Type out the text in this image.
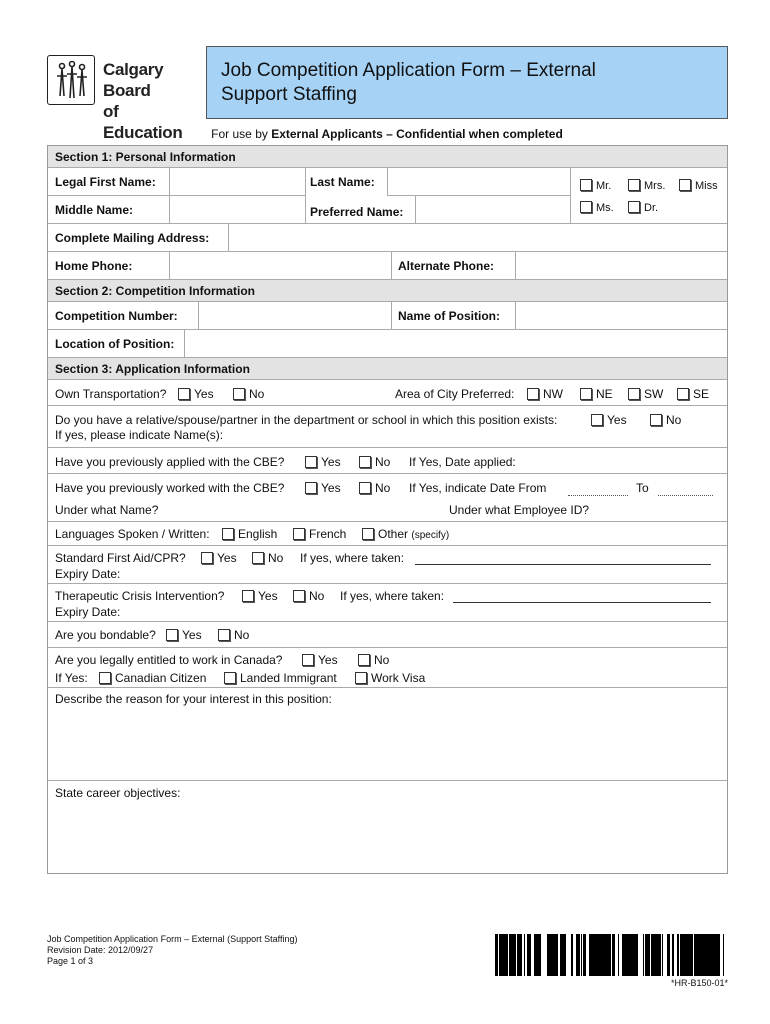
Calgary Board
of Education
Job Competition Application Form – External
Support Staffing
For use by External Applicants – Confidential when completed
Section 1: Personal Information
Legal First Name:	Last Name:
Middle Name:	Preferred Name:
Mr.	Mrs.	Miss
Ms.	Dr.
Complete Mailing Address:
Home Phone:	Alternate Phone:
Section 2: Competition Information
Competition Number:	Name of Position:
Location of Position:
Section 3: Application Information
Own Transportation?	Yes	No	Area of City Preferred:	NW	NE	SW	SE
Do you have a relative/spouse/partner in the department or school in which this position exists:	Yes	No
If yes, please indicate Name(s):
Have you previously applied with the CBE?	Yes	No If Yes, Date applied:
Have you previously worked with the CBE?	Yes	No If Yes, indicate Date From	To
Under what Name?	Under what Employee ID?
Languages Spoken / Written:	English	French	Other (specify)
Standard First Aid/CPR?	Yes	No If yes, where taken:
Expiry Date:
Therapeutic Crisis Intervention?	Yes	No If yes, where taken:
Expiry Date:
Are you bondable?	Yes	No
Are you legally entitled to work in Canada?	Yes	No
If Yes:	Canadian Citizen	Landed Immigrant	Work Visa
Describe the reason for your interest in this position:
State career objectives:
Job Competition Application Form – External (Support Staffing)
Revision Date: 2012/09/27
Page 1 of 3
*HR-B150-01*
